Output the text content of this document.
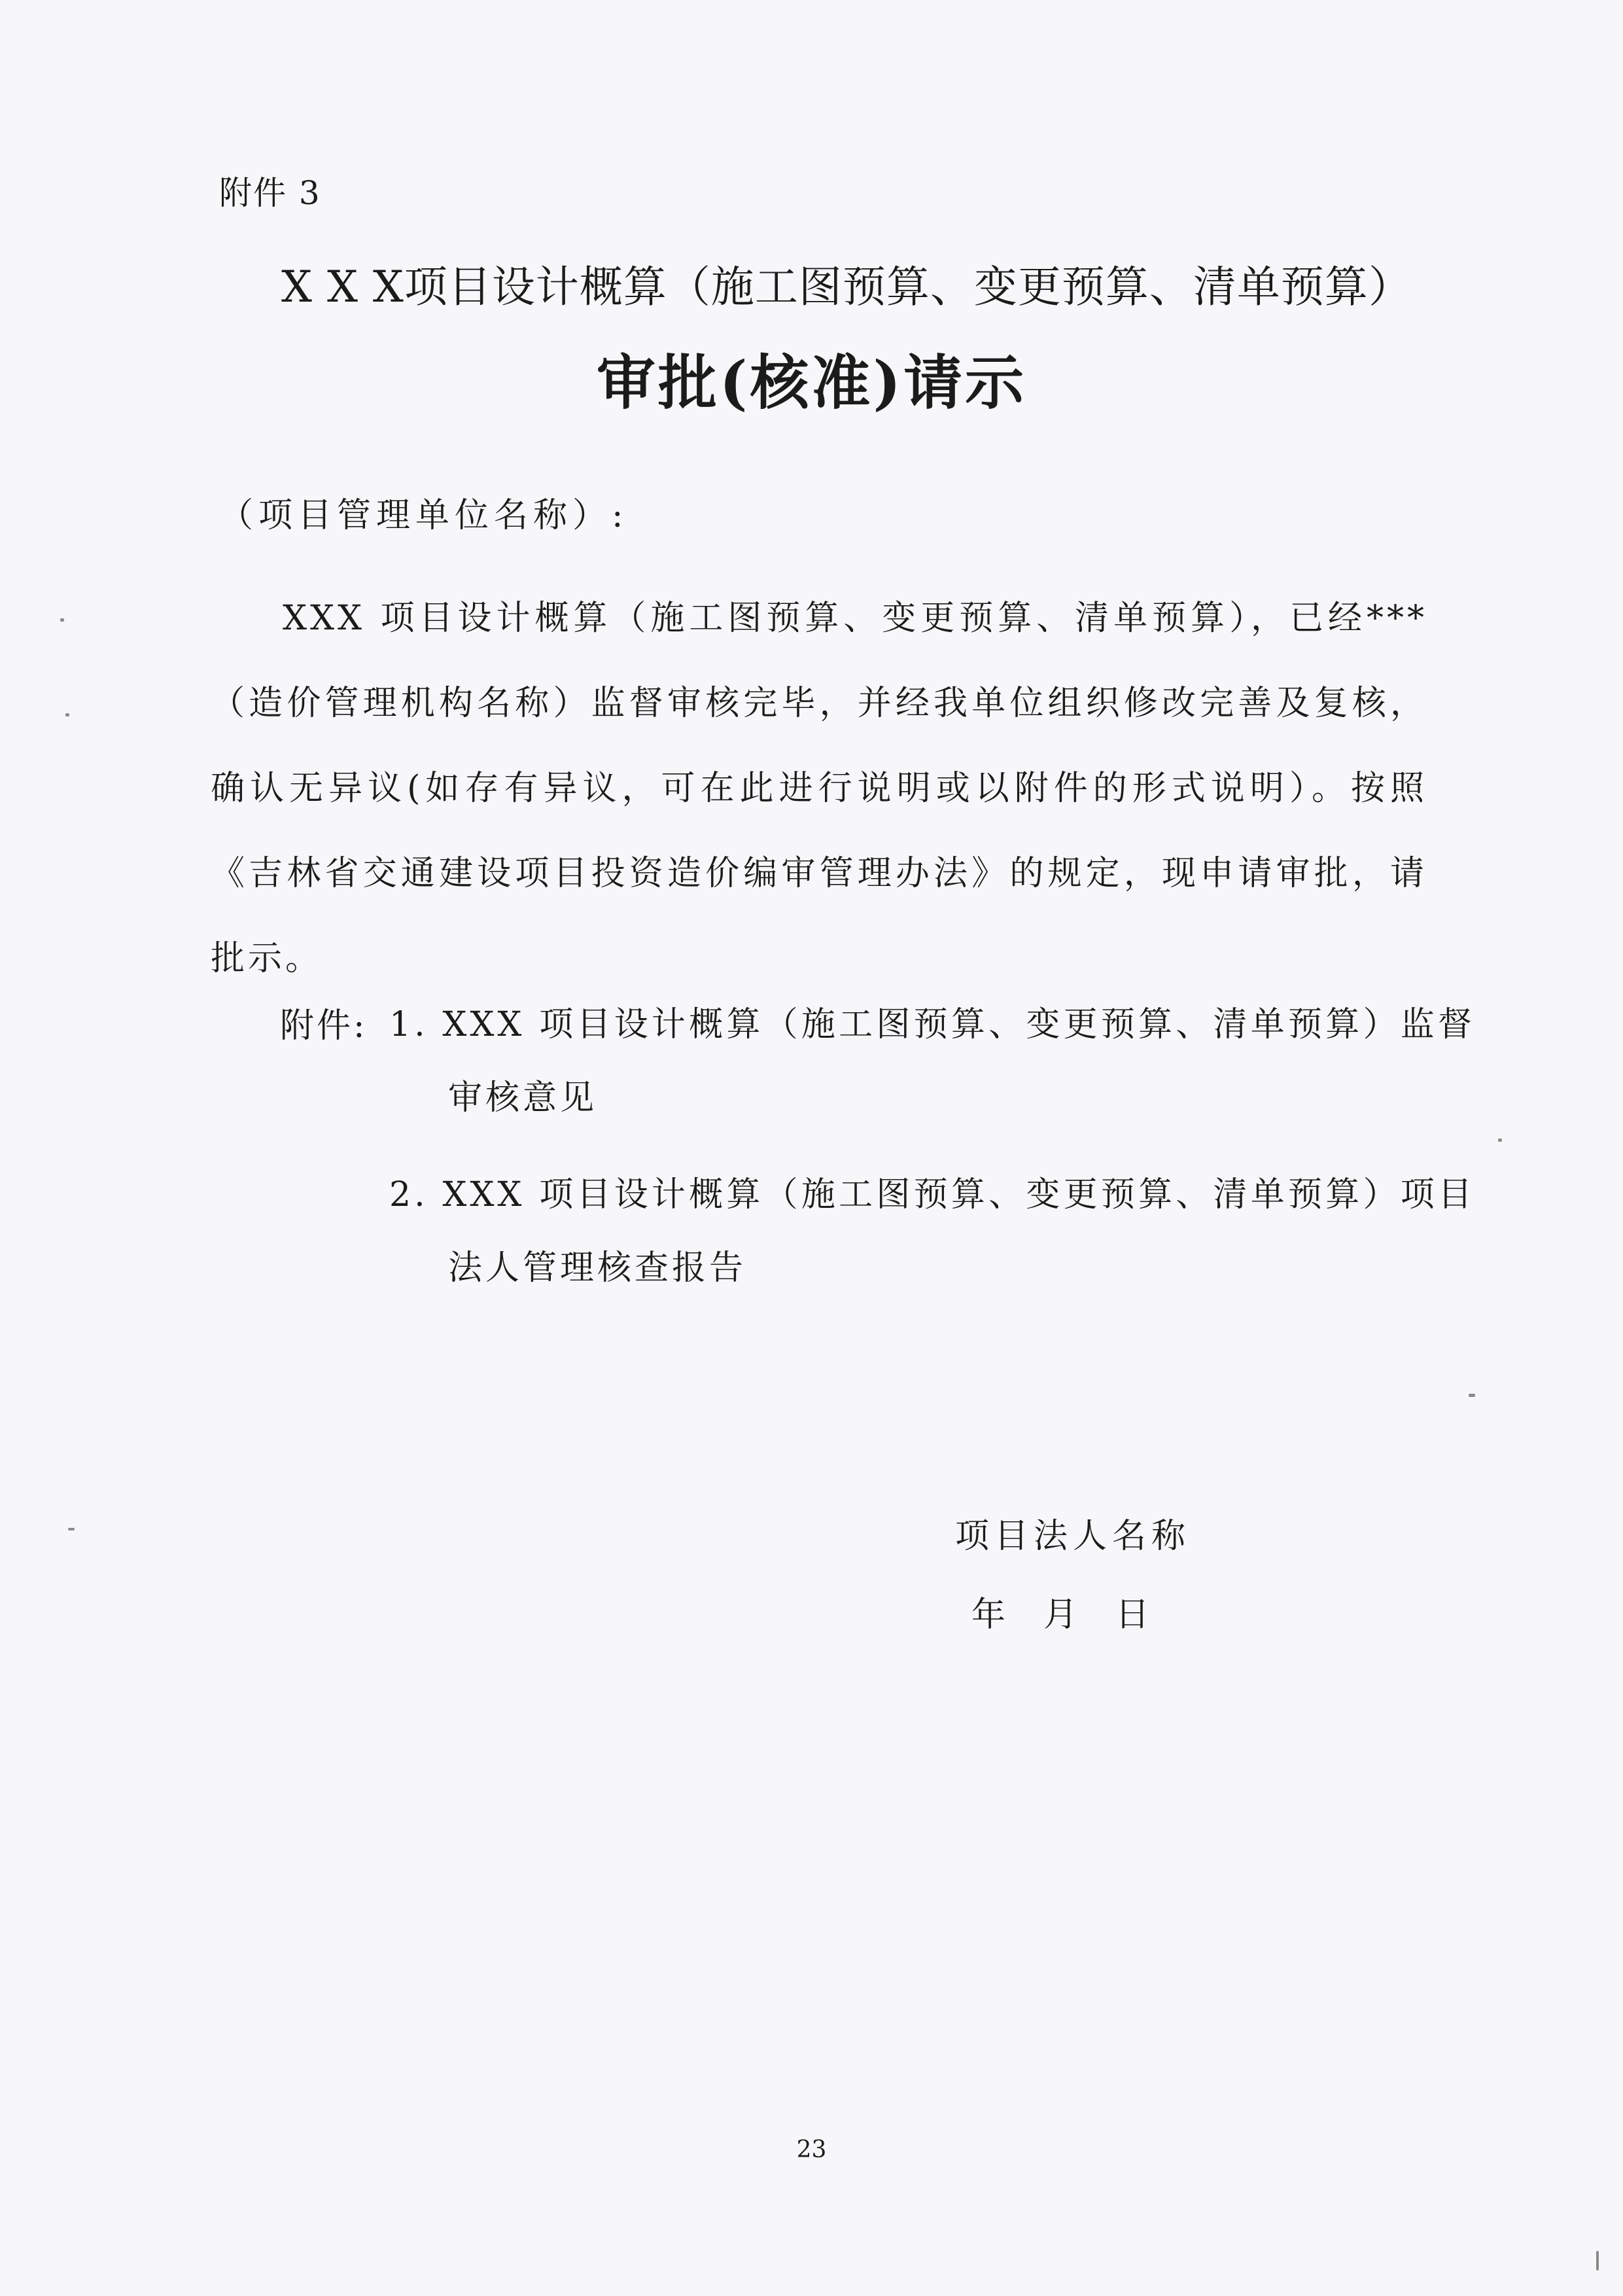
附件 3

X X X项目设计概算（施工图预算、变更预算、清单预算）
审批(核准)请示

（项目管理单位名称）:

XXX 项目设计概算（施工图预算、变更预算、清单预算），已经***（造价管理机构名称）监督审核完毕，并经我单位组织修改完善及复核，确认无异议(如存有异议，可在此进行说明或以附件的形式说明）。按照《吉林省交通建设项目投资造价编审管理办法》的规定，现申请审批，请批示。

附件: 1. XXX 项目设计概算（施工图预算、变更预算、清单预算）监督审核意见

2. XXX 项目设计概算（施工图预算、变更预算、清单预算）项目法人管理核查报告

项目法人名称

年 月 日

23
